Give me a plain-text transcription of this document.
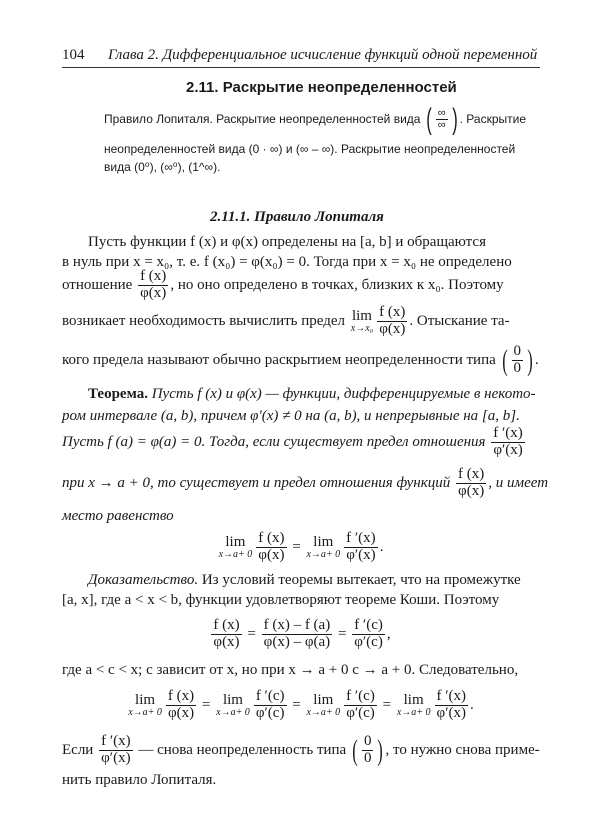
104 Глава 2. Дифференциальное исчисление функций одной переменной
2.11. Раскрытие неопределенностей
Правило Лопиталя. Раскрытие неопределенностей вида ( $\frac{\infty}{\infty}$ ) . Раскрытие
неопределенностей вида (0 · ∞) и (∞ – ∞). Раскрытие неопределенностей
вида (0⁰), (∞⁰), (1^∞).
2.11.1. Правило Лопиталя
Пусть функции f (x) и φ(x) определены на [a, b] и обращаются
в нуль при x = x₀, т. е. f (x₀) = φ(x₀) = 0. Тогда при x = x₀ не определено
отношение $\frac{f (x)}{\varphi(x)}$ , но оно определено в точках, близких к x₀. Поэтому
возникает необходимость вычислить предел lim
$x\to x_0 \frac{f (x)}{\varphi(x)}$ . Отыскание та-
кого предела называют обычно раскрытием неопределенности типа ( $\frac{0}{0}$ ) .
Теорема. Пусть f (x) и φ(x) — функции, дифференцируемые в некото-
ром интервале (a, b), причем φ′(x) ≠ 0 на (a, b), и непрерывные на [a, b].
Пусть f (a) = φ(a) = 0. Тогда, если существует предел отношения $\frac{f '(x)}{\varphi'(x)}$
при x → a + 0, то существует и предел отношения функций $\frac{f (x)}{\varphi(x)}$ , и имеет
место равенство
lim
$x\to a+ 0 \frac{f (x)}{\varphi(x)} = \lim$
$x\to a+ 0 \frac{f '(x)}{\varphi'(x)}$ .
Доказательство. Из условий теоремы вытекает, что на промежутке
[a, x], где a < x < b, функции удовлетворяют теореме Коши. Поэтому
$\frac{f (x)}{\varphi(x)} = \frac{f (x) - f (a)}{\varphi(x) - \varphi(a)} = \frac{f '(c)}{\varphi'(c)}$ ,
где a < c < x; c зависит от x, но при x → a + 0 c → a + 0. Следовательно,
lim
$x\to a+ 0 \frac{f (x)}{\varphi(x)} = \lim$
$x\to a+ 0 \frac{f '(c)}{\varphi'(c)} = \lim$
$x\to a+ 0 \frac{f '(c)}{\varphi'(c)} = \lim$
$x\to a+ 0 \frac{f '(x)}{\varphi'(x)}$ .
Если $\frac{f '(x)}{\varphi'(x)}$ — снова неопределенность типа ( $\frac{0}{0}$ ) , то нужно снова приме-
нить правило Лопиталя.
